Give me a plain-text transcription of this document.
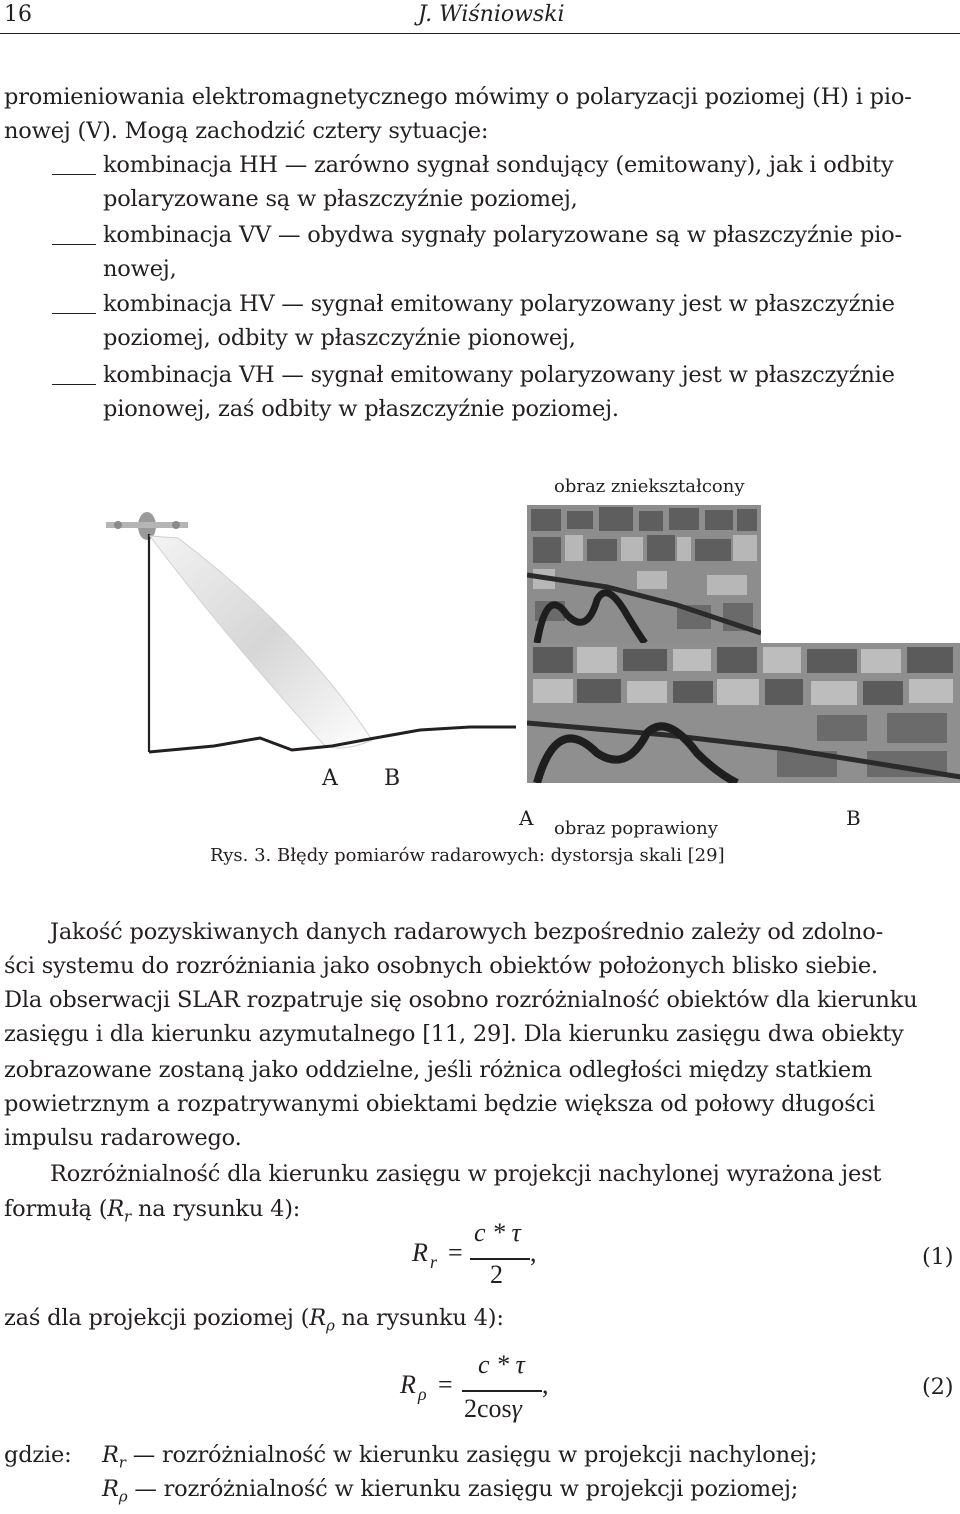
16	J. Wiśniowski
promieniowania elektromagnetycznego mówimy o polaryzacji poziomej (H) i pio-
nowej (V). Mogą zachodzić cztery sytuacje:
kombinacja HH — zarówno sygnał sondujący (emitowany), jak i odbity
polaryzowane są w płaszczyźnie poziomej,
kombinacja VV — obydwa sygnały polaryzowane są w płaszczyźnie pio-
nowej,
kombinacja HV — sygnał emitowany polaryzowany jest w płaszczyźnie
poziomej, odbity w płaszczyźnie pionowej,
kombinacja VH — sygnał emitowany polaryzowany jest w płaszczyźnie
pionowej, zaś odbity w płaszczyźnie poziomej.
obraz zniekształcony
A B
obraz poprawiony
A	B
Rys. 3. Błędy pomiarów radarowych: dystorsja skali [29]
Jakość pozyskiwanych danych radarowych bezpośrednio zależy od zdolno-
ści systemu do rozróżniania jako osobnych obiektów położonych blisko siebie.
Dla obserwacji SLAR rozpatruje się osobno rozróżnialność obiektów dla kierunku
zasięgu i dla kierunku azymutalnego [11, 29]. Dla kierunku zasięgu dwa obiekty
zobrazowane zostaną jako oddzielne, jeśli różnica odległości między statkiem
powietrznym a rozpatrywanymi obiektami będzie większa od połowy długości
impulsu radarowego.
Rozróżnialność dla kierunku zasięgu w projekcji nachylonej wyrażona jest
formułą ($R_r$ na rysunku 4):
R r =
c * τ
2
,	(1)
zaś dla projekcji poziomej ($R_\rho$ na rysunku 4):
R ρ =
c * τ
2cosγ
,	(2)
gdzie: $R_r$ — rozróżnialność w kierunku zasięgu w projekcji nachylonej;
$R_\rho$ — rozróżnialność w kierunku zasięgu w projekcji poziomej;
